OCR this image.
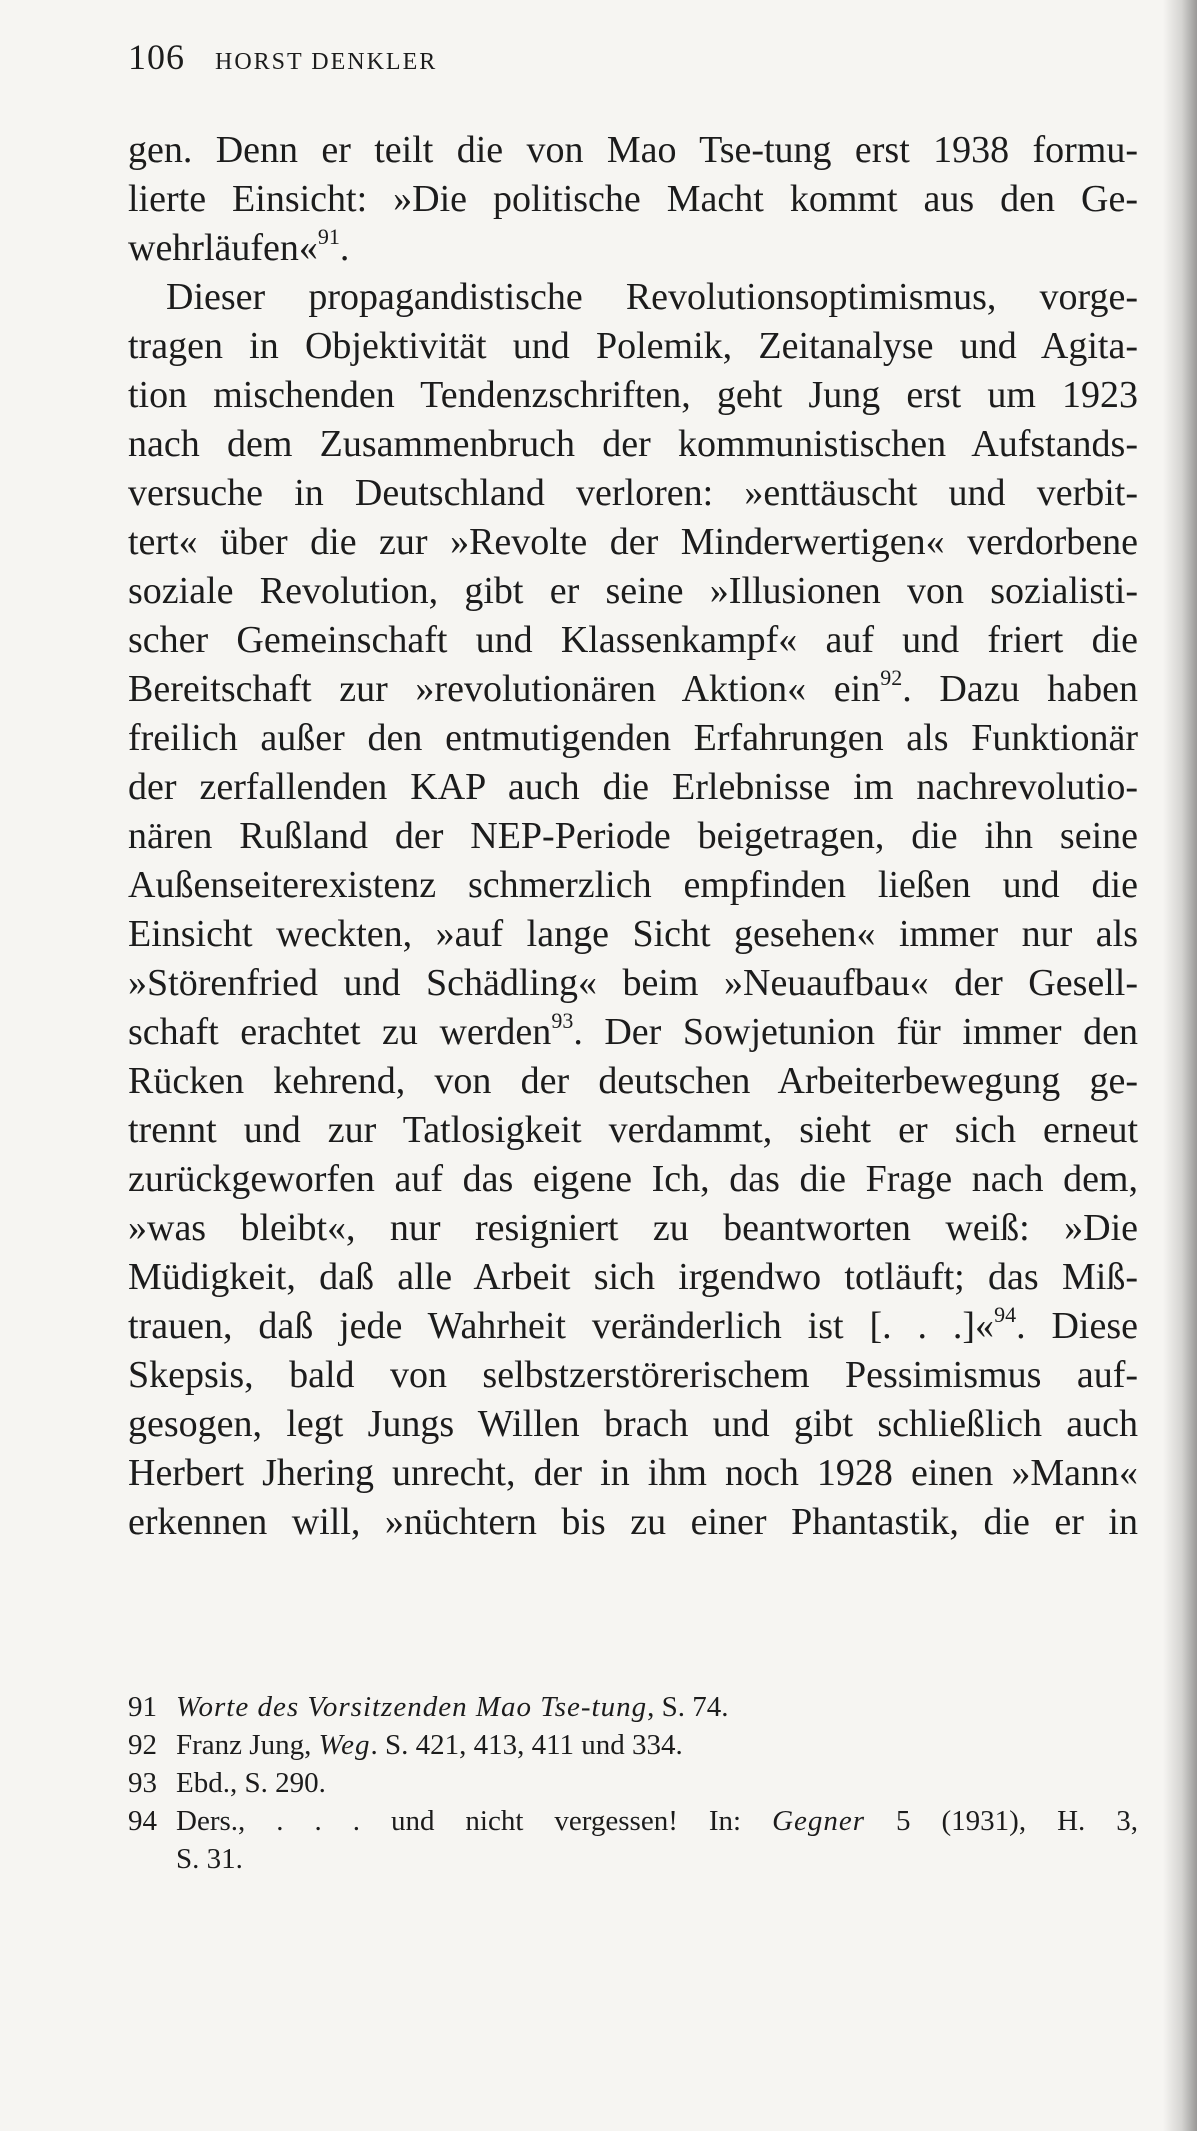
106 HORST DENKLER
gen. Denn er teilt die von Mao Tse-tung erst 1938 formu-
lierte Einsicht: »Die politische Macht kommt aus den Ge-
wehrläufen«$^{91}$.
Dieser propagandistische Revolutionsoptimismus, vorge-
tragen in Objektivität und Polemik, Zeitanalyse und Agita-
tion mischenden Tendenzschriften, geht Jung erst um 1923
nach dem Zusammenbruch der kommunistischen Aufstands-
versuche in Deutschland verloren: »enttäuscht und verbit-
tert« über die zur »Revolte der Minderwertigen« verdorbene
soziale Revolution, gibt er seine »Illusionen von sozialisti-
scher Gemeinschaft und Klassenkampf« auf und friert die
Bereitschaft zur »revolutionären Aktion« ein$^{92}$. Dazu haben
freilich außer den entmutigenden Erfahrungen als Funktionär
der zerfallenden KAP auch die Erlebnisse im nachrevolutio-
nären Rußland der NEP-Periode beigetragen, die ihn seine
Außenseiterexistenz schmerzlich empfinden ließen und die
Einsicht weckten, »auf lange Sicht gesehen« immer nur als
»Störenfried und Schädling« beim »Neuaufbau« der Gesell-
schaft erachtet zu werden$^{93}$. Der Sowjetunion für immer den
Rücken kehrend, von der deutschen Arbeiterbewegung ge-
trennt und zur Tatlosigkeit verdammt, sieht er sich erneut
zurückgeworfen auf das eigene Ich, das die Frage nach dem,
»was bleibt«, nur resigniert zu beantworten weiß: »Die
Müdigkeit, daß alle Arbeit sich irgendwo totläuft; das Miß-
trauen, daß jede Wahrheit veränderlich ist [. . .]«$^{94}$. Diese
Skepsis, bald von selbstzerstörerischem Pessimismus auf-
gesogen, legt Jungs Willen brach und gibt schließlich auch
Herbert Jhering unrecht, der in ihm noch 1928 einen »Mann«
erkennen will, »nüchtern bis zu einer Phantastik, die er in
91 Worte des Vorsitzenden Mao Tse-tung, S. 74.
92 Franz Jung, Weg. S. 421, 413, 411 und 334.
93 Ebd., S. 290.
94 Ders., . . . und nicht vergessen! In: Gegner 5 (1931), H. 3,
S. 31.
